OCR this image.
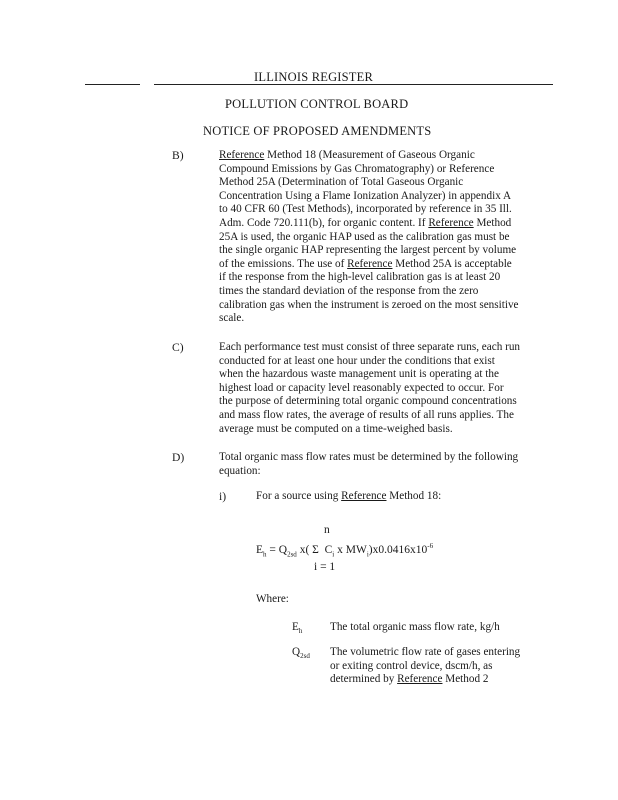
ILLINOIS REGISTER
POLLUTION CONTROL BOARD
NOTICE OF PROPOSED AMENDMENTS
B)	Reference Method 18 (Measurement of Gaseous Organic
Compound Emissions by Gas Chromatography) or Reference
Method 25A (Determination of Total Gaseous Organic
Concentration Using a Flame Ionization Analyzer) in appendix A
to 40 CFR 60 (Test Methods), incorporated by reference in 35 Ill.
Adm. Code 720.111(b), for organic content. If Reference Method
25A is used, the organic HAP used as the calibration gas must be
the single organic HAP representing the largest percent by volume
of the emissions. The use of Reference Method 25A is acceptable
if the response from the high-level calibration gas is at least 20
times the standard deviation of the response from the zero
calibration gas when the instrument is zeroed on the most sensitive
scale.
C)	Each performance test must consist of three separate runs, each run
conducted for at least one hour under the conditions that exist
when the hazardous waste management unit is operating at the
highest load or capacity level reasonably expected to occur. For
the purpose of determining total organic compound concentrations
and mass flow rates, the average of results of all runs applies. The
average must be computed on a time-weighed basis.
D)	Total organic mass flow rates must be determined by the following
equation:
i)	For a source using Reference Method 18:
n
$E_h = Q_{2sd}$ x( Σ $C_i$ x $MW_i)x0.0416x10^{-6}$
i = 1
Where:
$E_h$ The total organic mass flow rate, kg/h
$Q_{2sd}$ The volumetric flow rate of gases entering
or exiting control device, dscm/h, as
determined by Reference Method 2
